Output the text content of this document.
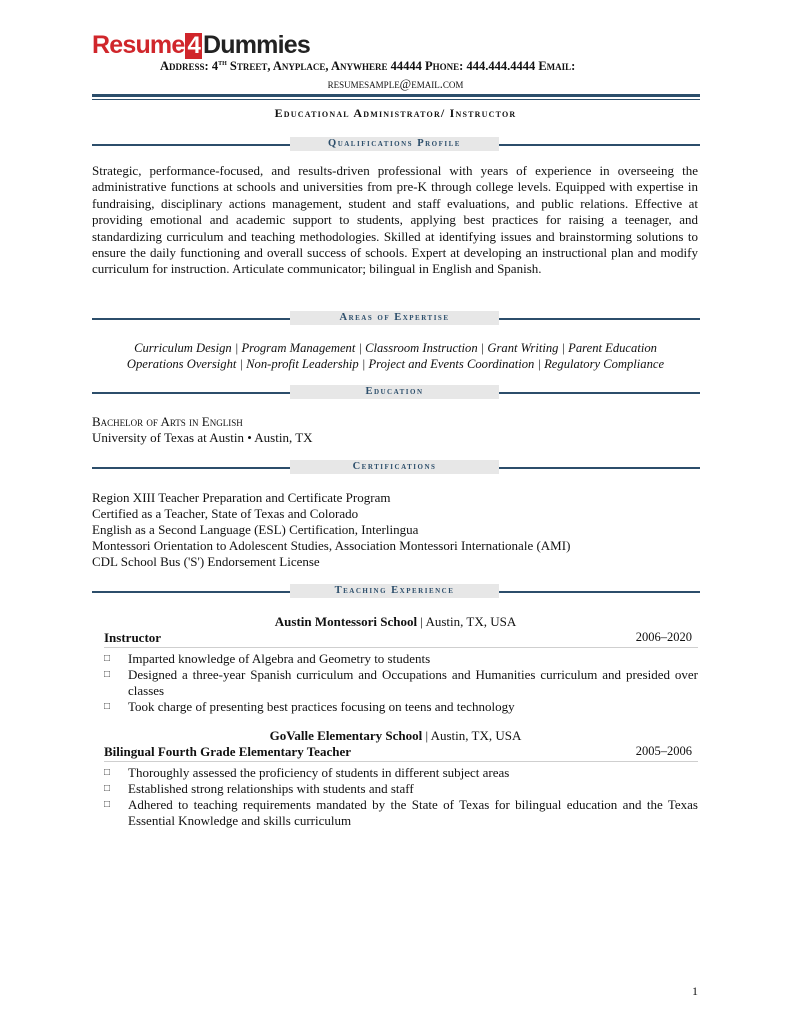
Resume 4 Dummies
Address: 4th Street, Anyplace, Anywhere 44444 Phone: 444.444.4444 Email:
resumesample@email.com
Educational Administrator/ Instructor
Qualifications Profile
Strategic, performance-focused, and results-driven professional with years of experience in overseeing the administrative functions at schools and universities from pre-K through college levels. Equipped with expertise in fundraising, disciplinary actions management, student and staff evaluations, and public relations. Effective at providing emotional and academic support to students, applying best practices for raising a teenager, and standardizing curriculum and teaching methodologies. Skilled at identifying issues and brainstorming solutions to ensure the daily functioning and overall success of schools. Expert at developing an instructional plan and modify curriculum for instruction. Articulate communicator; bilingual in English and Spanish.
Areas of Expertise
Curriculum Design | Program Management | Classroom Instruction | Grant Writing | Parent Education
Operations Oversight | Non-profit Leadership | Project and Events Coordination | Regulatory Compliance
Education
Bachelor of Arts in English
University of Texas at Austin • Austin, TX
Certifications
Region XIII Teacher Preparation and Certificate Program
Certified as a Teacher, State of Texas and Colorado
English as a Second Language (ESL) Certification, Interlingua
Montessori Orientation to Adolescent Studies, Association Montessori Internationale (AMI)
CDL School Bus ('S') Endorsement License
Teaching Experience
Austin Montessori School | Austin, TX, USA
Instructor	2006–2020
□ Imparted knowledge of Algebra and Geometry to students
□ Designed a three-year Spanish curriculum and Occupations and Humanities curriculum and presided over classes
□ Took charge of presenting best practices focusing on teens and technology
GoValle Elementary School | Austin, TX, USA
Bilingual Fourth Grade Elementary Teacher	2005–2006
□ Thoroughly assessed the proficiency of students in different subject areas
□ Established strong relationships with students and staff
□ Adhered to teaching requirements mandated by the State of Texas for bilingual education and the Texas Essential Knowledge and skills curriculum
1
